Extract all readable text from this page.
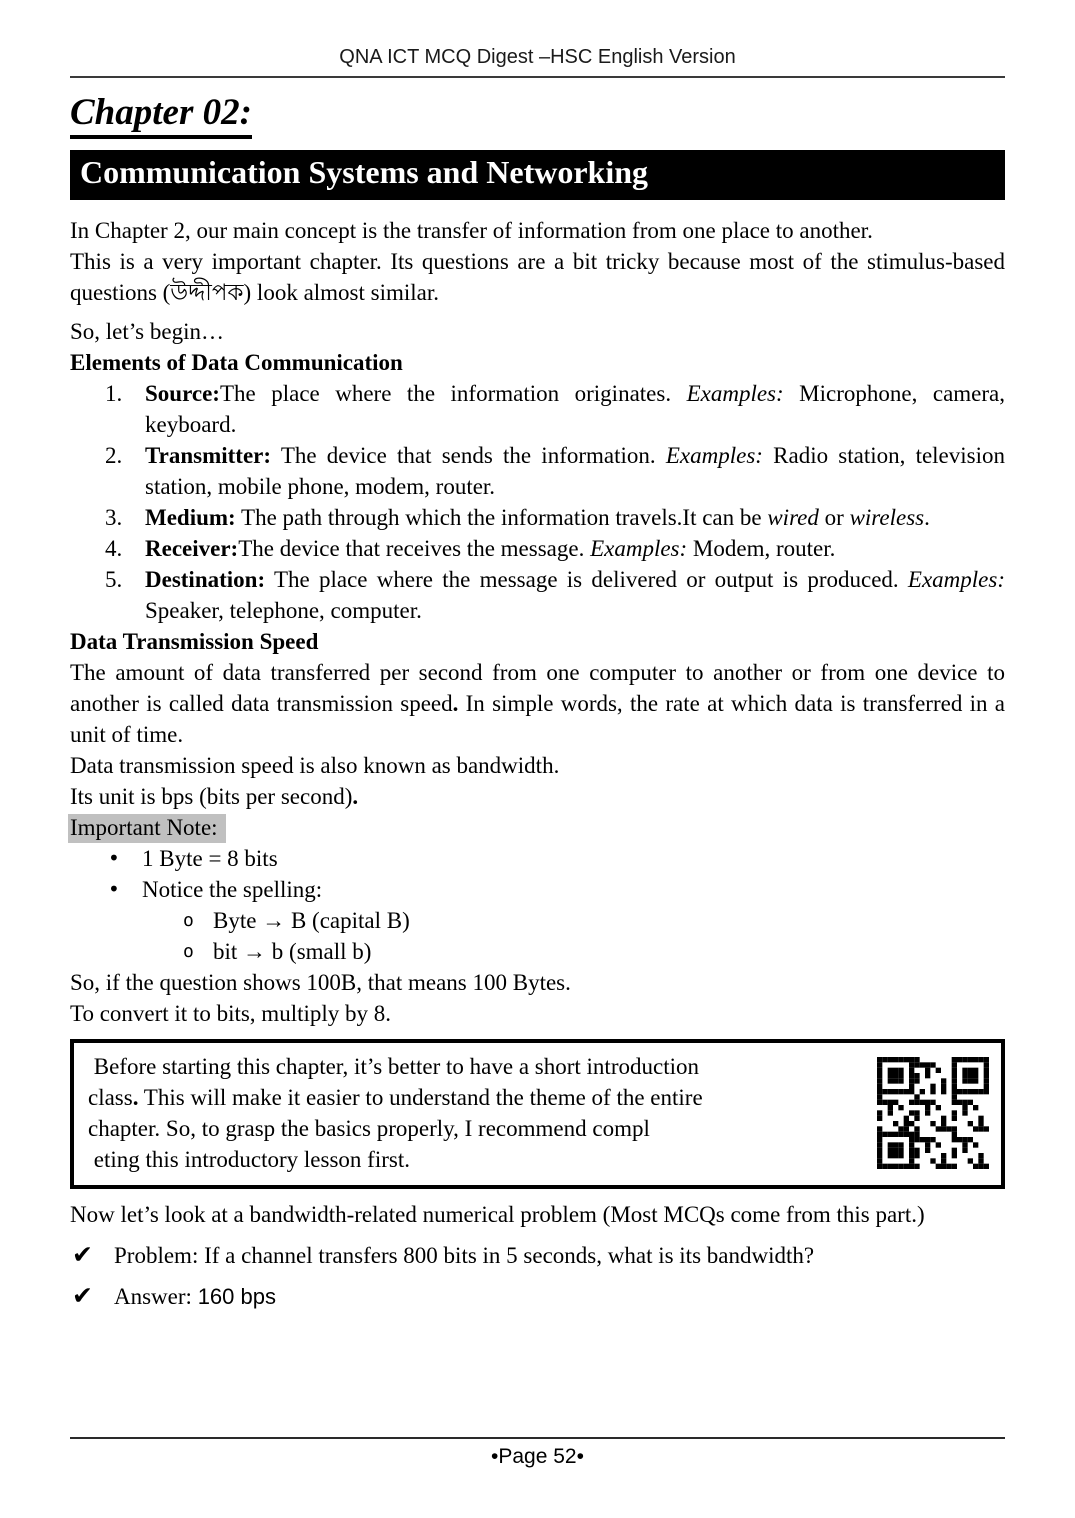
QNA ICT MCQ Digest –HSC English Version
Chapter 02:
Communication Systems and Networking

In Chapter 2, our main concept is the transfer of information from one place to another.

This is a very important chapter. Its questions are a bit tricky because most of the stimulus-based questions (উদ্দীপক) look almost similar.

So, let’s begin…

Elements of Data Communication

1. Source:The place where the information originates. Examples: Microphone, camera, keyboard.
2. Transmitter: The device that sends the information. Examples: Radio station, television station, mobile phone, modem, router.
3. Medium: The path through which the information travels.It can be wired or wireless.
4. Receiver:The device that receives the message. Examples: Modem, router.
5. Destination: The place where the message is delivered or output is produced. Examples: Speaker, telephone, computer.

Data Transmission Speed

The amount of data transferred per second from one computer to another or from one device to another is called data transmission speed. In simple words, the rate at which data is transferred in a unit of time.

Data transmission speed is also known as bandwidth.

Its unit is bps (bits per second).

Important Note:

• 1 Byte = 8 bits
• Notice the spelling:
o Byte → B (capital B)
o bit → b (small b)

So, if the question shows 100B, that means 100 Bytes.

To convert it to bits, multiply by 8.

Before starting this chapter, it’s better to have a short introduction
class. This will make it easier to understand the theme of the entire
chapter. So, to grasp the basics properly, I recommend compl
eting this introductory lesson first.

Now let’s look at a bandwidth-related numerical problem (Most MCQs come from this part.)

✔ Problem: If a channel transfers 800 bits in 5 seconds, what is its bandwidth?
✔ Answer: 160 bps
•Page 52•
